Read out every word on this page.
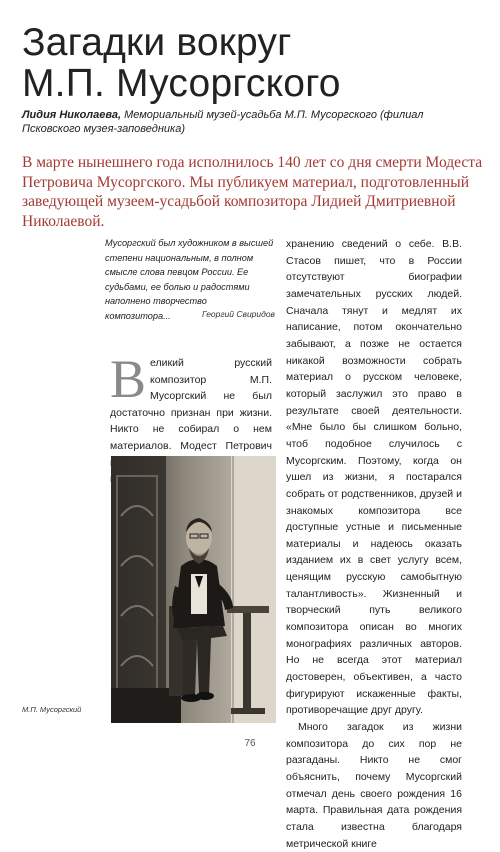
Загадки вокруг
М.П. Мусоргского
Лидия Николаева, Мемориальный музей-усадьба М.П. Мусоргского (филиал Псковского музея-заповедника)
В марте нынешнего года исполнилось 140 лет со дня смерти Модеста Петровича Мусоргского. Мы публикуем материал, подготовленный заведующей музеем-усадьбой композитора Лидией Дмитриевной Николаевой.
Мусоргский был художником в высшей степени национальным, в полном смысле слова певцом России. Ее судьбами, ее болью и радостями наполнено творчество композитора...	Георгий Свиридов
В еликий русский композитор М.П. Мусоргский не был достаточно признан при жизни. Никто не собирал о нем материалов. Модест Петрович

хранению сведений о себе. В.В. Стасов пишет, что в России отсутствуют биографии замечательных русских людей. Сначала тянут и медлят их написание, потом окончательно забывают, а позже не остается никакой возможности собрать материал о русском человеке, который заслужил это право в результате своей деятельности. «Мне было бы слишком больно, чтоб подобное случилось с Мусоргским. Поэтому, когда он ушел из жизни, я постарался собрать от родственников, друзей и знакомых композитора все доступные устные и письменные материалы и надеюсь оказать изданием их в свет услугу всем, ценящим русскую самобытную талантливость». Жизненный и творческий путь великого композитора описан во многих монографиях различных авторов. Но не всегда этот материал достоверен, объективен, а часто фигурируют искаженные факты, противоречащие друг другу.

Много загадок из жизни композитора до сих пор не разгаданы. Никто не смог объяснить, почему Мусоргский отмечал день своего рождения 16 марта. Правильная дата рождения стала известна благодаря метрической книге

М.П. Мусоргский
76
